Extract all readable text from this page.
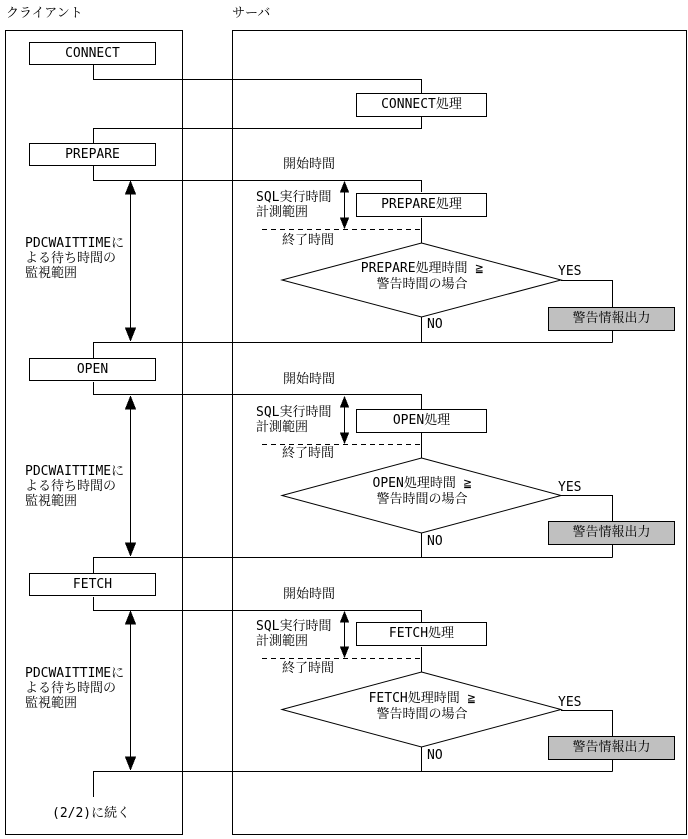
クライアント	サーバ
CONNECT
CONNECT処理
PREPARE
開始時間
SQL実行時間
計測範囲
PREPARE処理
終了時間
PDCWAITTIMEに
よる待ち時間の
監視範囲	PREPARE処理時間 ≧
警告時間の場合
YES
NO	警告情報出力
OPEN
開始時間
SQL実行時間
計測範囲	OPEN処理
終了時間
PDCWAITTIMEに
よる待ち時間の
監視範囲
OPEN処理時間 ≧
警告時間の場合
YES
NO
警告情報出力
FETCH
開始時間
SQL実行時間
計測範囲
FETCH処理
終了時間
PDCWAITTIMEに
よる待ち時間の
監視範囲	FETCH処理時間 ≧
警告時間の場合
YES
NO
警告情報出力
(2/2)に続く
